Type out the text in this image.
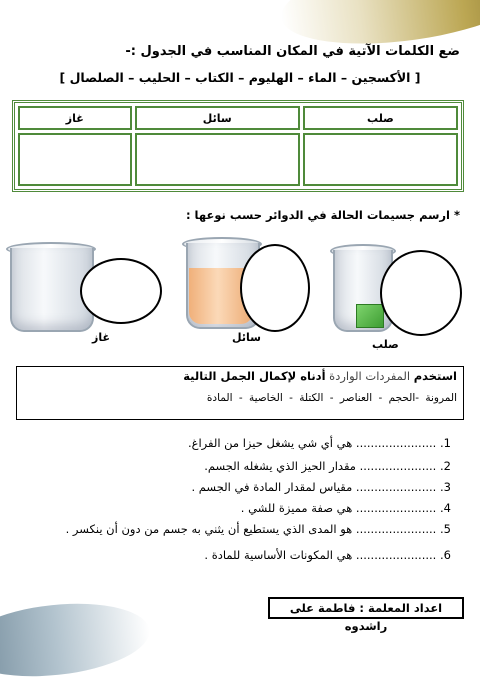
ضع الكلمات الآتية في المكان المناسب في الجدول :-
[ الأكسجين – الماء – الهليوم – الكتاب – الحليب – الصلصال ]
صلب	سائل	غاز

* ارسم جسيمات الحالة في الدوائر حسب نوعها :
غاز	سائل
صلب
استخدم المفردات الواردة أدناه لإكمال الجمل التالية
المرونة -الحجم - العناصر - الكتلة - الخاصية - المادة
.1 ...................... هي أي شي يشغل حيزا من الفراغ.
.2 ..................... مقدار الحيز الذي يشغله الجسم.
.3 ...................... مقياس لمقدار المادة في الجسم .
.4 ...................... هي صفة مميزة للشي .
.5 ...................... هو المدى الذي يستطيع أن يثني به جسم من دون أن ينكسر .
.6 ...................... هي المكونات الأساسية للمادة .
اعداد المعلمة : فاطمة على راشدوه
